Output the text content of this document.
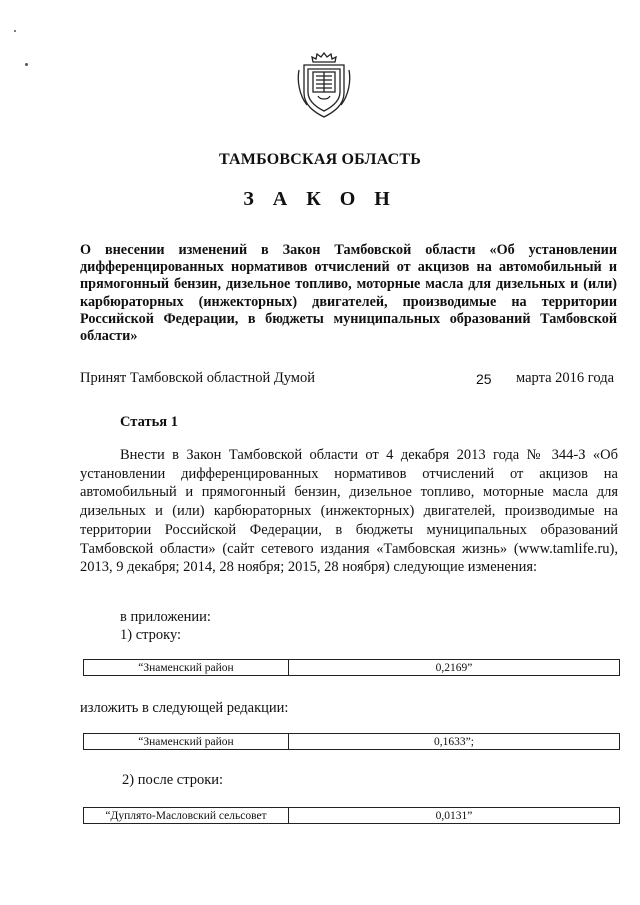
ТАМБОВСКАЯ ОБЛАСТЬ
З А К О Н
О внесении изменений в Закон Тамбовской области «Об установлении дифференцированных нормативов отчислений от акцизов на автомобильный и прямогонный бензин, дизельное топливо, моторные масла для дизельных и (или) карбюраторных (инжекторных) двигателей, производимые на территории Российской Федерации, в бюджеты муниципальных образований Тамбовской области»
Принят Тамбовской областной Думой	25 марта 2016 года
Статья 1
Внести в Закон Тамбовской области от 4 декабря 2013 года № 344-З «Об установлении дифференцированных нормативов отчислений от акцизов на автомобильный и прямогонный бензин, дизельное топливо, моторные масла для дизельных и (или) карбюраторных (инжекторных) двигателей, производимые на территории Российской Федерации, в бюджеты муниципальных образований Тамбовской области» (сайт сетевого издания «Тамбовская жизнь» (www.tamlife.ru), 2013, 9 декабря; 2014, 28 ноября; 2015, 28 ноября) следующие изменения:
в приложении:
1) строку:
“Знаменский район	0,2169”
изложить в следующей редакции:
“Знаменский район	0,1633”;
2) после строки:
“Дуплято-Масловский сельсовет	0,0131”
